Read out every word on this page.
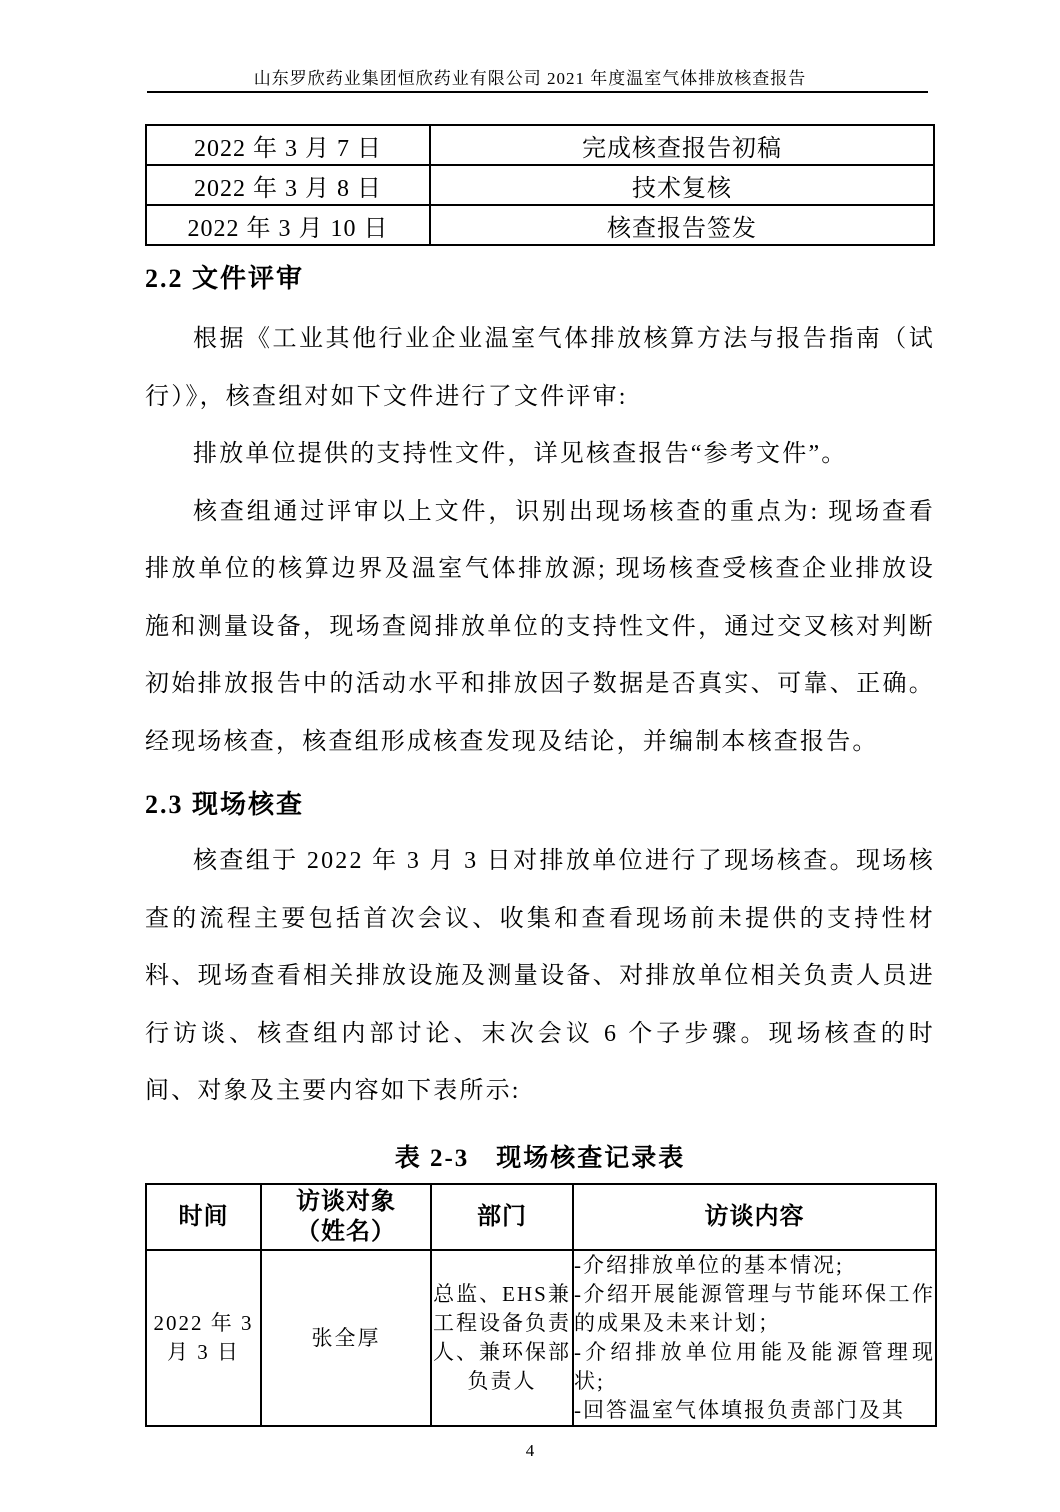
山东罗欣药业集团恒欣药业有限公司 2021 年度温室气体排放核查报告
2022 年 3 月 7 日	完成核查报告初稿
2022 年 3 月 8 日	技术复核
2022 年 3 月 10 日	核查报告签发
2.2 文件评审

根据《工业其他行业企业温室气体排放核算方法与报告指南（试行）》，核查组对如下文件进行了文件评审:

排放单位提供的支持性文件，详见核查报告“参考文件”。

核查组通过评审以上文件，识别出现场核查的重点为: 现场查看排放单位的核算边界及温室气体排放源; 现场核查受核查企业排放设施和测量设备，现场查阅排放单位的支持性文件，通过交叉核对判断初始排放报告中的活动水平和排放因子数据是否真实、可靠、正确。经现场核查，核查组形成核查发现及结论，并编制本核查报告。

2.3 现场核查

核查组于 2022 年 3 月 3 日对排放单位进行了现场核查。现场核查的流程主要包括首次会议、收集和查看现场前未提供的支持性材料、现场查看相关排放设施及测量设备、对排放单位相关负责人员进行访谈、核查组内部讨论、末次会议 6 个子步骤。现场核查的时间、对象及主要内容如下表所示:

表 2-3　现场核查记录表
时间	访谈对象（姓名）	部门	访谈内容
2022 年 3 月 3 日	张全厚	总监、EHS兼工程设备负责人、兼环保部负责人	-介绍排放单位的基本情况;
-介绍开展能源管理与节能环保工作的成果及未来计划；
-介绍排放单位用能及能源管理现状;
-回答温室气体填报负责部门及其
4
